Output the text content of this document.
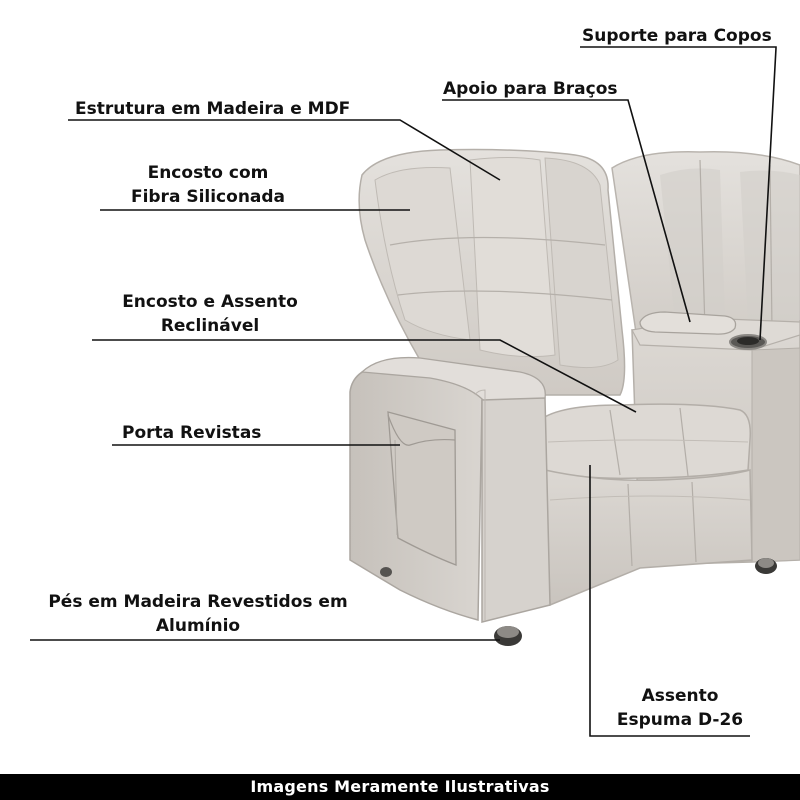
Suporte para Copos
Apoio para Braços
Estrutura em Madeira e MDF
Encosto com
Fibra Siliconada
Encosto e Assento
Reclinável
Porta Revistas
Pés em Madeira Revestidos em
Alumínio
Assento
Espuma D-26
Imagens Meramente Ilustrativas
